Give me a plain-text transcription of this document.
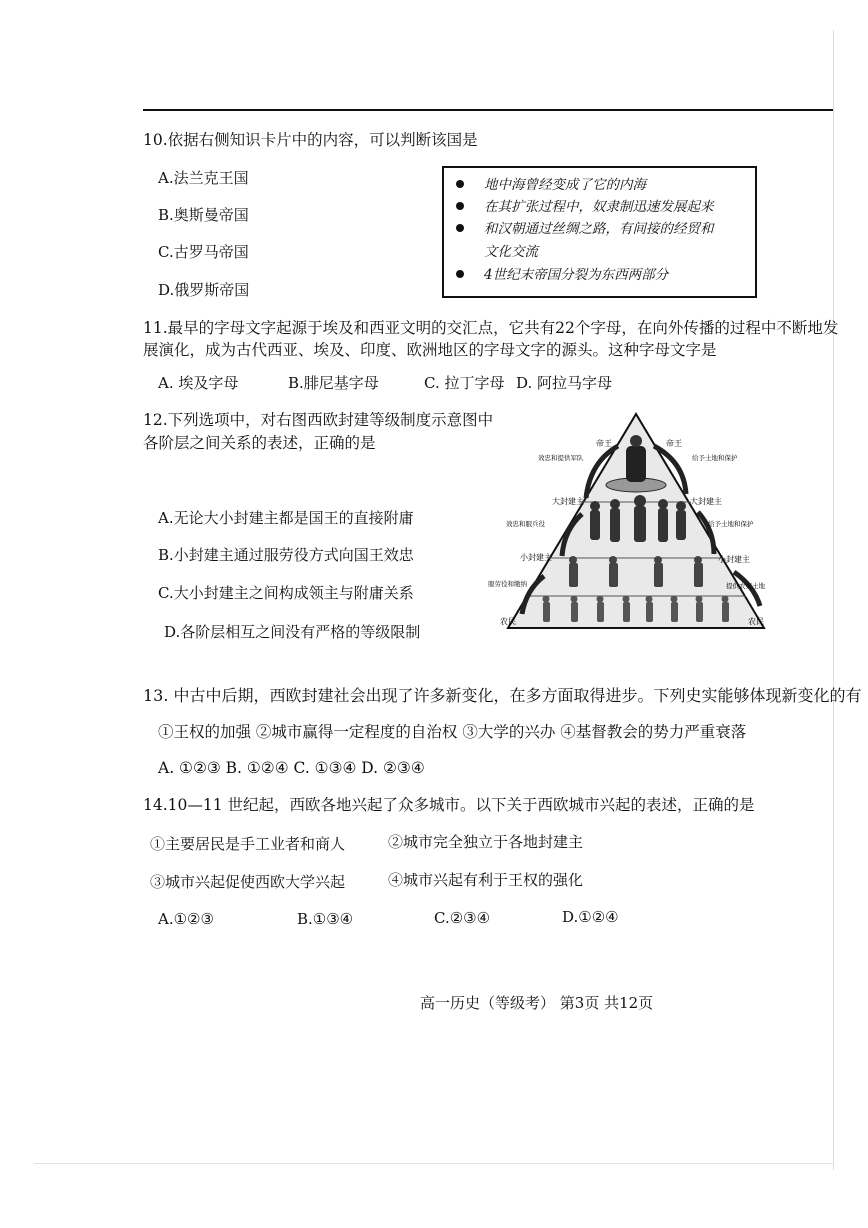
10.依据右侧知识卡片中的内容，可以判断该国是
A.法兰克王国
B.奥斯曼帝国
C.古罗马帝国
D.俄罗斯帝国
地中海曾经变成了它的内海
在其扩张过程中，奴隶制迅速发展起来
和汉朝通过丝绸之路，有间接的经贸和
文化交流
4世纪末帝国分裂为东西两部分
11.最早的字母文字起源于埃及和西亚文明的交汇点，它共有22个字母，在向外传播的过程中不断地发
展演化，成为古代西亚、埃及、印度、欧洲地区的字母文字的源头。这种字母文字是
A. 埃及字母	B.腓尼基字母	C. 拉丁字母 D. 阿拉马字母
12.下列选项中，对右图西欧封建等级制度示意图中
各阶层之间关系的表述，正确的是
A.无论大小封建主都是国王的直接附庸
B.小封建主通过服劳役方式向国王效忠
C.大小封建主之间构成领主与附庸关系
D.各阶层相互之间没有严格的等级限制
帝王	帝王
效忠和提供军队	给予土地和保护
大封建主	大封建主
效忠和服兵役	给予土地和保护
小封建主	小封建主
服劳役和缴纳	提供农奴土地
农民	农民
13. 中古中后期，西欧封建社会出现了许多新变化，在多方面取得进步。下列史实能够体现新变化的有
①王权的加强 ②城市赢得一定程度的自治权 ③大学的兴办 ④基督教会的势力严重衰落
A. ①②③ B. ①②④ C. ①③④ D. ②③④
14.10—11 世纪起，西欧各地兴起了众多城市。以下关于西欧城市兴起的表述，正确的是
①主要居民是手工业者和商人	②城市完全独立于各地封建主
③城市兴起促使西欧大学兴起	④城市兴起有利于王权的强化
A.①②③	B.①③④	C.②③④	D.①②④
高一历史（等级考） 第3页 共12页
